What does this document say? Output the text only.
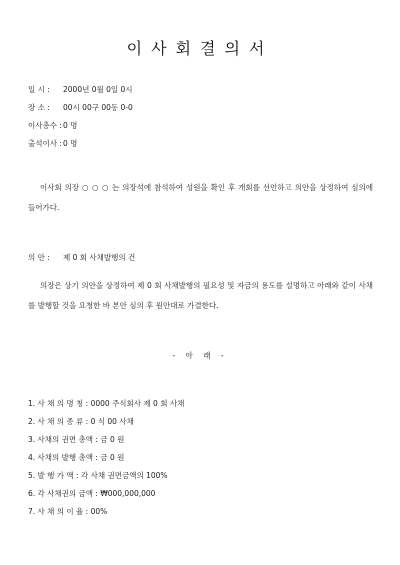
이사회결의서
일 시 : 2000년 0월 0일 0시
장 소 : 00시 00구 00동 0-0
이사총수 : 0 명
출석이사 : 0 명
이사회 의장 ○ ○ ○ 는 의장석에 참석하여 성원을 확인 후 개회를 선언하고 의안을 상정하여 심의에 들어가다.
의 안 : 제 0 회 사채발행의 건
의장은 상기 의안을 상정하여 제 0 회 사채발행의 필요성 및 자금의 용도를 설명하고 아래와 같이 사채를 발행할 것을 요청한 바 본안 심의 후 원안대로 가결한다.
- 아 래 -
1. 사 채 의 명 칭 : 0000 주식회사 제 0 회 사채
2. 사 채 의 종 류 : 0 식 00 사채
3. 사채의 권면 총액 : 금 0 원
4. 사채의 발행 총액 : 금 0 원
5. 발 행 가 액 : 각 사채 권면금액의 100%
6. 각 사채권의 금액 : ₩000,000,000
7. 사 채 의 이 율 : 00%
